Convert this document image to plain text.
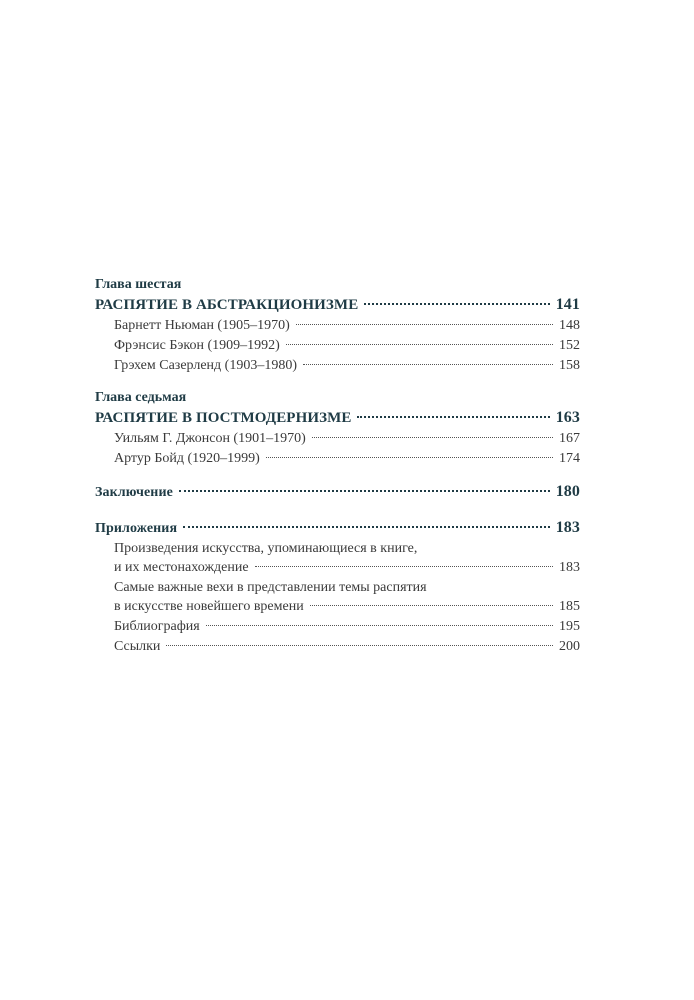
Глава шестая
РАСПЯТИЕ В АБСТРАКЦИОНИЗМЕ	141
Барнетт Ньюман (1905–1970)	148
Фрэнсис Бэкон (1909–1992)	152
Грэхем Сазерленд (1903–1980)	158
Глава седьмая
РАСПЯТИЕ В ПОСТМОДЕРНИЗМЕ	163
Уильям Г. Джонсон (1901–1970)	167
Артур Бойд (1920–1999)	174
Заключение	180
Приложения	183
Произведения искусства, упоминающиеся в книге,
и их местонахождение	183
Самые важные вехи в представлении темы распятия
в искусстве новейшего времени	185
Библиография	195
Ссылки	200
